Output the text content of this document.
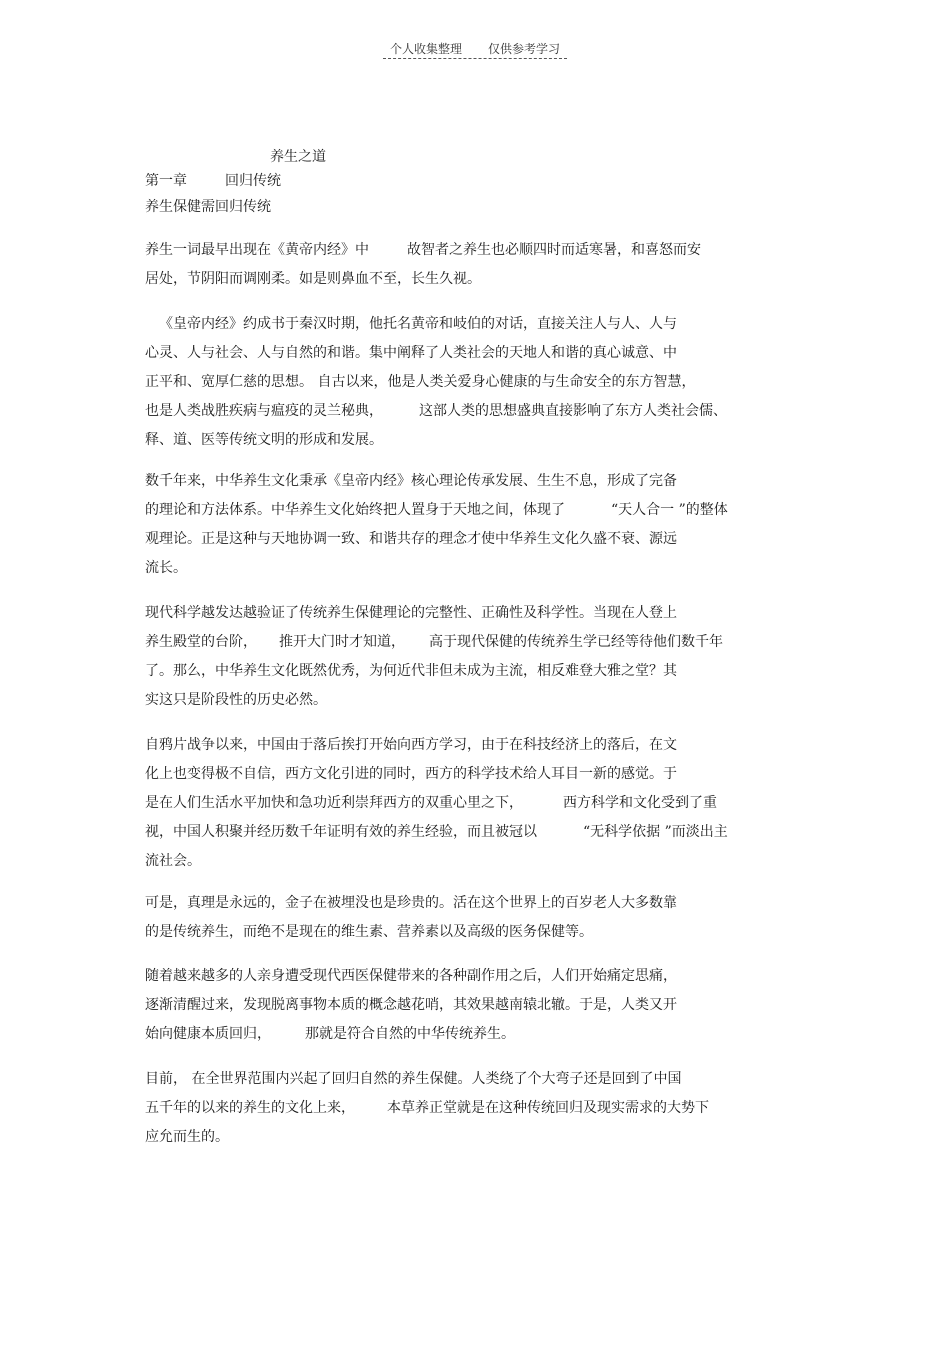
个人收集整理 仅供参考学习
养生之道
第一章	回归传统
养生保健需回归传统
养生一词最早出现在《黄帝内经》中	故智者之养生也必顺四时而适寒暑，和喜怒而安
居处，节阴阳而调刚柔。如是则鼻血不至，长生久视。
《皇帝内经》约成书于秦汉时期，他托名黄帝和岐伯的对话，直接关注人与人、人与
心灵、人与社会、人与自然的和谐。集中阐释了人类社会的天地人和谐的真心诚意、中
正平和、宽厚仁慈的思想。 自古以来，他是人类关爱身心健康的与生命安全的东方智慧，
也是人类战胜疾病与瘟疫的灵兰秘典，	这部人类的思想盛典直接影响了东方人类社会儒、
释、道、医等传统文明的形成和发展。
数千年来，中华养生文化秉承《皇帝内经》核心理论传承发展、生生不息，形成了完备
的理论和方法体系。中华养生文化始终把人置身于天地之间，体现了	“天人合一 ”的整体
观理论。正是这种与天地协调一致、和谐共存的理念才使中华养生文化久盛不衰、源远
流长。
现代科学越发达越验证了传统养生保健理论的完整性、正确性及科学性。当现在人登上
养生殿堂的台阶， 推开大门时才知道， 高于现代保健的传统养生学已经等待他们数千年
了。那么，中华养生文化既然优秀，为何近代非但未成为主流，相反难登大雅之堂？其
实这只是阶段性的历史必然。
自鸦片战争以来，中国由于落后挨打开始向西方学习，由于在科技经济上的落后，在文
化上也变得极不自信，西方文化引进的同时，西方的科学技术给人耳目一新的感觉。于
是在人们生活水平加快和急功近利崇拜西方的双重心里之下，	西方科学和文化受到了重
视，中国人积聚并经历数千年证明有效的养生经验，而且被冠以	“无科学依据 ”而淡出主
流社会。
可是，真理是永远的，金子在被埋没也是珍贵的。活在这个世界上的百岁老人大多数靠
的是传统养生，而绝不是现在的维生素、营养素以及高级的医务保健等。
随着越来越多的人亲身遭受现代西医保健带来的各种副作用之后，人们开始痛定思痛，
逐渐清醒过来，发现脱离事物本质的概念越花哨，其效果越南辕北辙。于是，人类又开
始向健康本质回归， 那就是符合自然的中华传统养生。
目前， 在全世界范围内兴起了回归自然的养生保健。人类绕了个大弯子还是回到了中国
五千年的以来的养生的文化上来， 本草养正堂就是在这种传统回归及现实需求的大势下
应允而生的。
